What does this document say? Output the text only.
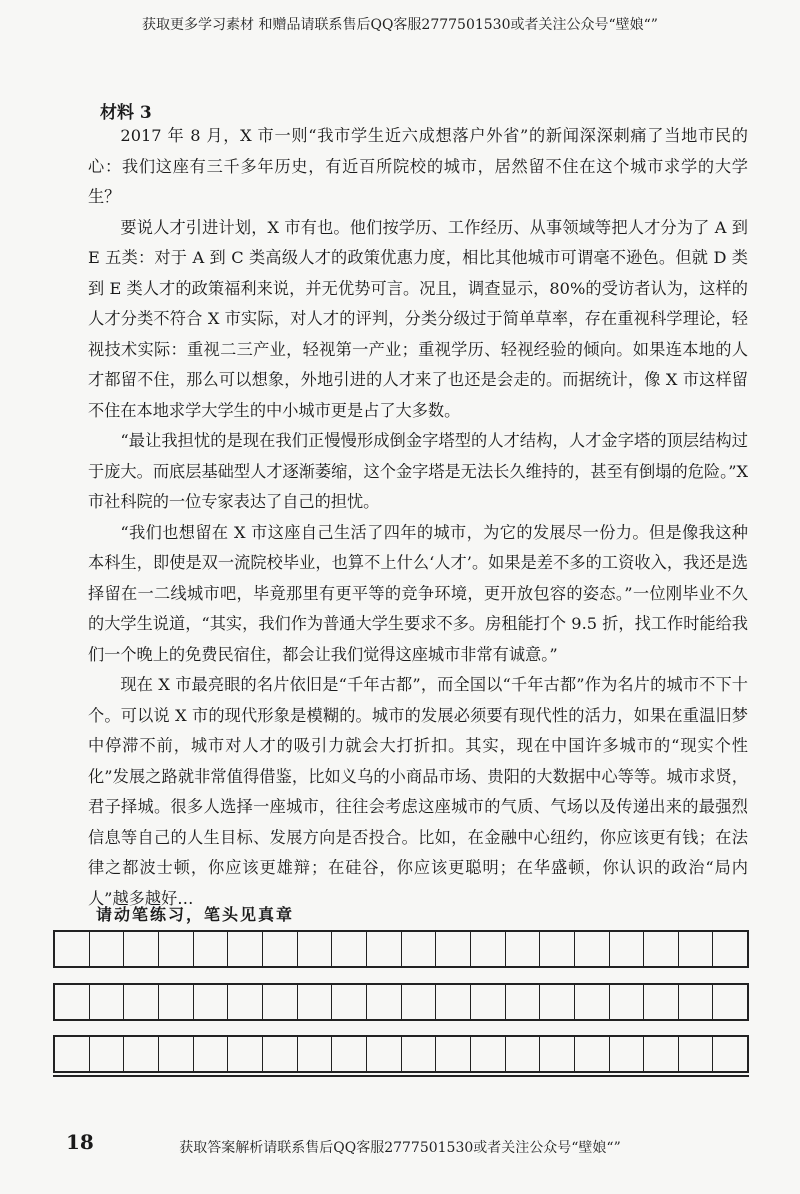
获取更多学习素材 和赠品请联系售后QQ客服2777501530或者关注公众号“壁娘“”
材料 3

2017 年 8 月，X 市一则“我市学生近六成想落户外省”的新闻深深刺痛了当地市民的心：我们这座有三千多年历史，有近百所院校的城市，居然留不住在这个城市求学的大学生？

要说人才引进计划，X 市有也。他们按学历、工作经历、从事领域等把人才分为了 A 到 E 五类：对于 A 到 C 类高级人才的政策优惠力度，相比其他城市可谓毫不逊色。但就 D 类到 E 类人才的政策福利来说，并无优势可言。况且，调查显示，80%的受访者认为，这样的人才分类不符合 X 市实际，对人才的评判，分类分级过于简单草率，存在重视科学理论，轻视技术实际：重视二三产业，轻视第一产业；重视学历、轻视经验的倾向。如果连本地的人才都留不住，那么可以想象，外地引进的人才来了也还是会走的。而据统计，像 X 市这样留不住在本地求学大学生的中小城市更是占了大多数。

“最让我担忧的是现在我们正慢慢形成倒金字塔型的人才结构，人才金字塔的顶层结构过于庞大。而底层基础型人才逐渐萎缩，这个金字塔是无法长久维持的，甚至有倒塌的危险。”X 市社科院的一位专家表达了自己的担忧。

“我们也想留在 X 市这座自己生活了四年的城市，为它的发展尽一份力。但是像我这种本科生，即使是双一流院校毕业，也算不上什么‘人才’。如果是差不多的工资收入，我还是选择留在一二线城市吧，毕竟那里有更平等的竞争环境，更开放包容的姿态。”一位刚毕业不久的大学生说道，“其实，我们作为普通大学生要求不多。房租能打个 9.5 折，找工作时能给我们一个晚上的免费民宿住，都会让我们觉得这座城市非常有诚意。”

现在 X 市最亮眼的名片依旧是“千年古都”，而全国以“千年古都”作为名片的城市不下十个。可以说 X 市的现代形象是模糊的。城市的发展必须要有现代性的活力，如果在重温旧梦中停滞不前，城市对人才的吸引力就会大打折扣。其实，现在中国许多城市的“现实个性化”发展之路就非常值得借鉴，比如义乌的小商品市场、贵阳的大数据中心等等。城市求贤，君子择城。很多人选择一座城市，往往会考虑这座城市的气质、气场以及传递出来的最强烈信息等自己的人生目标、发展方向是否投合。比如，在金融中心纽约，你应该更有钱；在法律之都波士顿，你应该更雄辩；在硅谷，你应该更聪明；在华盛顿，你认识的政治“局内人”越多越好…

请动笔练习，笔头见真章
18	获取答案解析请联系售后QQ客服2777501530或者关注公众号“壁娘“”
